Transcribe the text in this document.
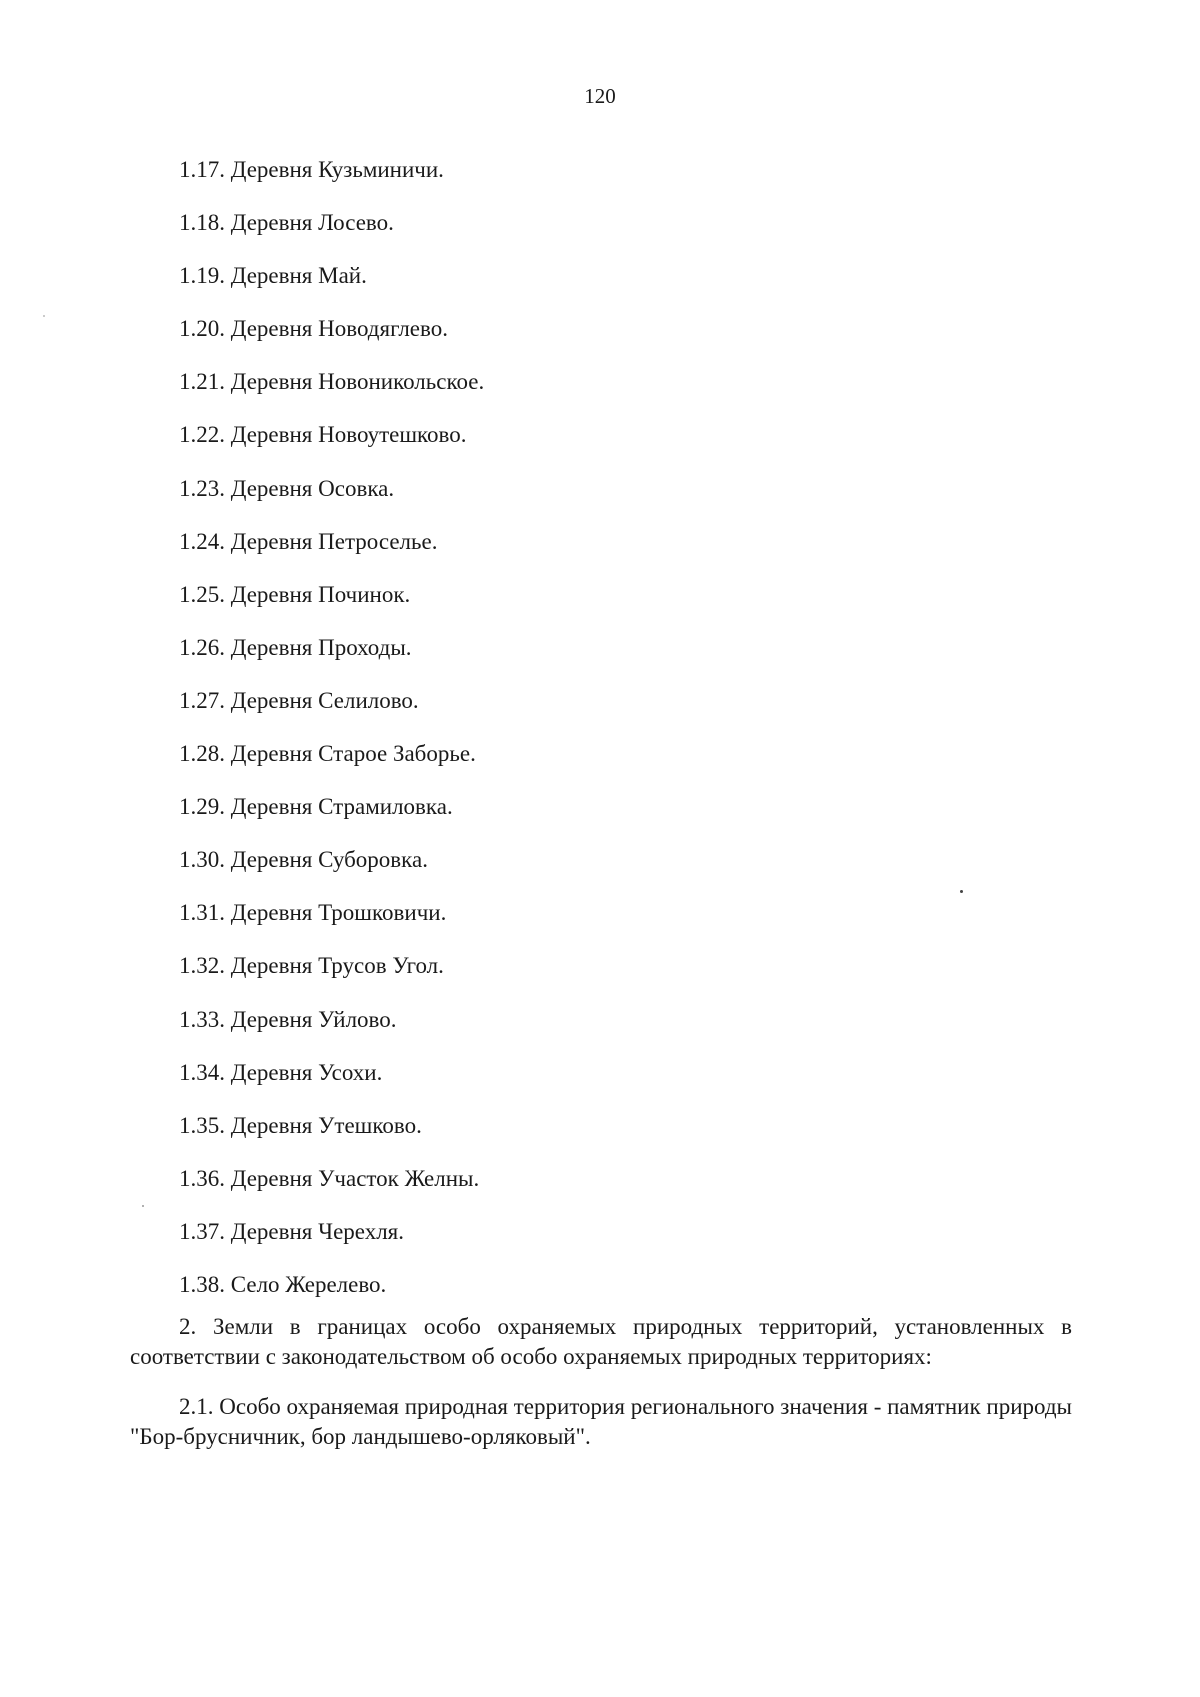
120
1.17. Деревня Кузьминичи.
1.18. Деревня Лосево.
1.19. Деревня Май.
1.20. Деревня Новодяглево.
1.21. Деревня Новоникольское.
1.22. Деревня Новоутешково.
1.23. Деревня Осовка.
1.24. Деревня Петроселье.
1.25. Деревня Починок.
1.26. Деревня Проходы.
1.27. Деревня Селилово.
1.28. Деревня Старое Заборье.
1.29. Деревня Страмиловка.
1.30. Деревня Суборовка.
1.31. Деревня Трошковичи.
1.32. Деревня Трусов Угол.
1.33. Деревня Уйлово.
1.34. Деревня Усохи.
1.35. Деревня Утешково.
1.36. Деревня Участок Желны.
1.37. Деревня Черехля.
1.38. Село Жерелево.

2. Земли в границах особо охраняемых природных территорий, установленных в соответствии с законодательством об особо охраняемых природных территориях:

2.1. Особо охраняемая природная территория регионального значения - памятник природы "Бор-брусничник, бор ландышево-орляковый".
